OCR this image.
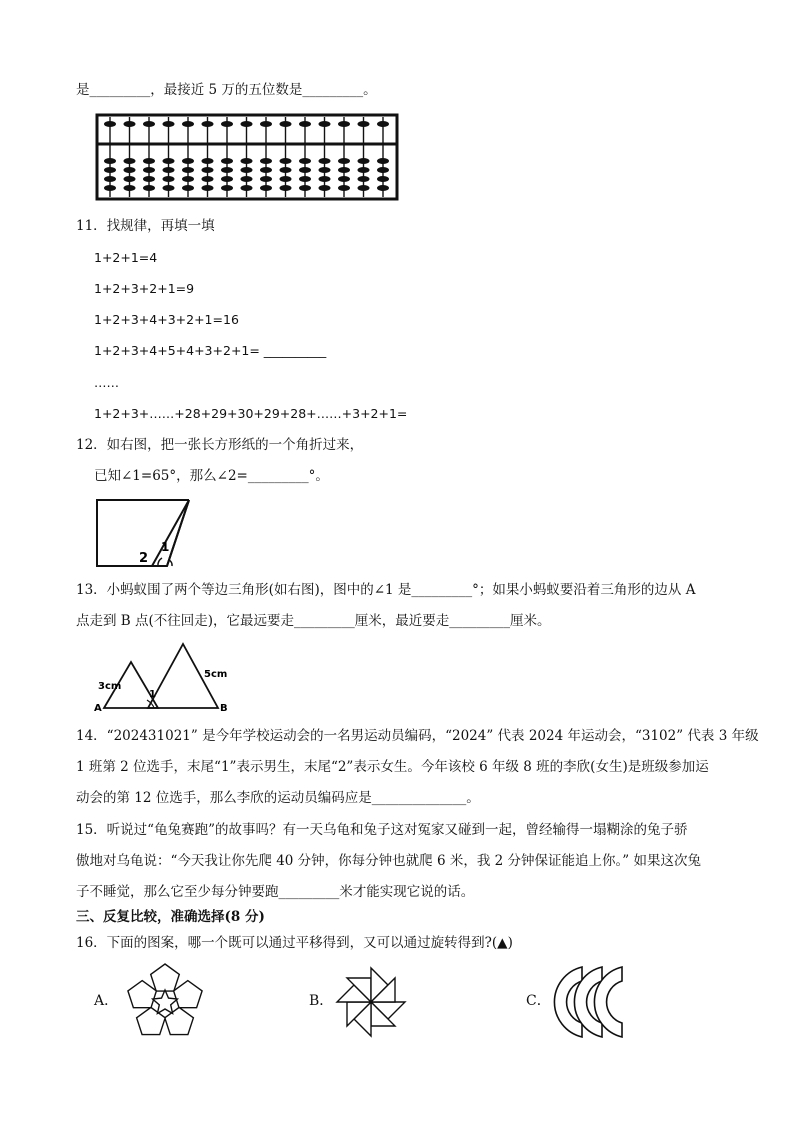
是_________，最接近 5 万的五位数是_________。
11．找规律，再填一填
1+2+1=4
1+2+3+2+1=9
1+2+3+4+3+2+1=16
1+2+3+4+5+4+3+2+1= __________
……
1+2+3+……+28+29+30+29+28+……+3+2+1=
12．如右图，把一张长方形纸的一个角折过来，
已知∠1=65°，那么∠2=_________°。
1
2
13．小蚂蚁围了两个等边三角形(如右图)，图中的∠1 是_________°；如果小蚂蚁要沿着三角形的边从 A
点走到 B 点(不往回走)，它最远要走_________厘米，最近要走_________厘米。
3cm
5cm
A	B
1
14．“202431021” 是今年学校运动会的一名男运动员编码，“2024” 代表 2024 年运动会，“3102” 代表 3 年级
1 班第 2 位选手，末尾“1”表示男生，末尾“2”表示女生。今年该校 6 年级 8 班的李欣(女生)是班级参加运
动会的第 12 位选手，那么李欣的运动员编码应是______________。
15．听说过“龟兔赛跑”的故事吗？有一天乌龟和兔子这对冤家又碰到一起，曾经输得一塌糊涂的兔子骄
傲地对乌龟说：“今天我让你先爬 40 分钟，你每分钟也就爬 6 米，我 2 分钟保证能追上你。” 如果这次兔
子不睡觉，那么它至少每分钟要跑_________米才能实现它说的话。
三、反复比较，准确选择(8 分)
16．下面的图案，哪一个既可以通过平移得到，又可以通过旋转得到?(▲)
A．	B．	C．
